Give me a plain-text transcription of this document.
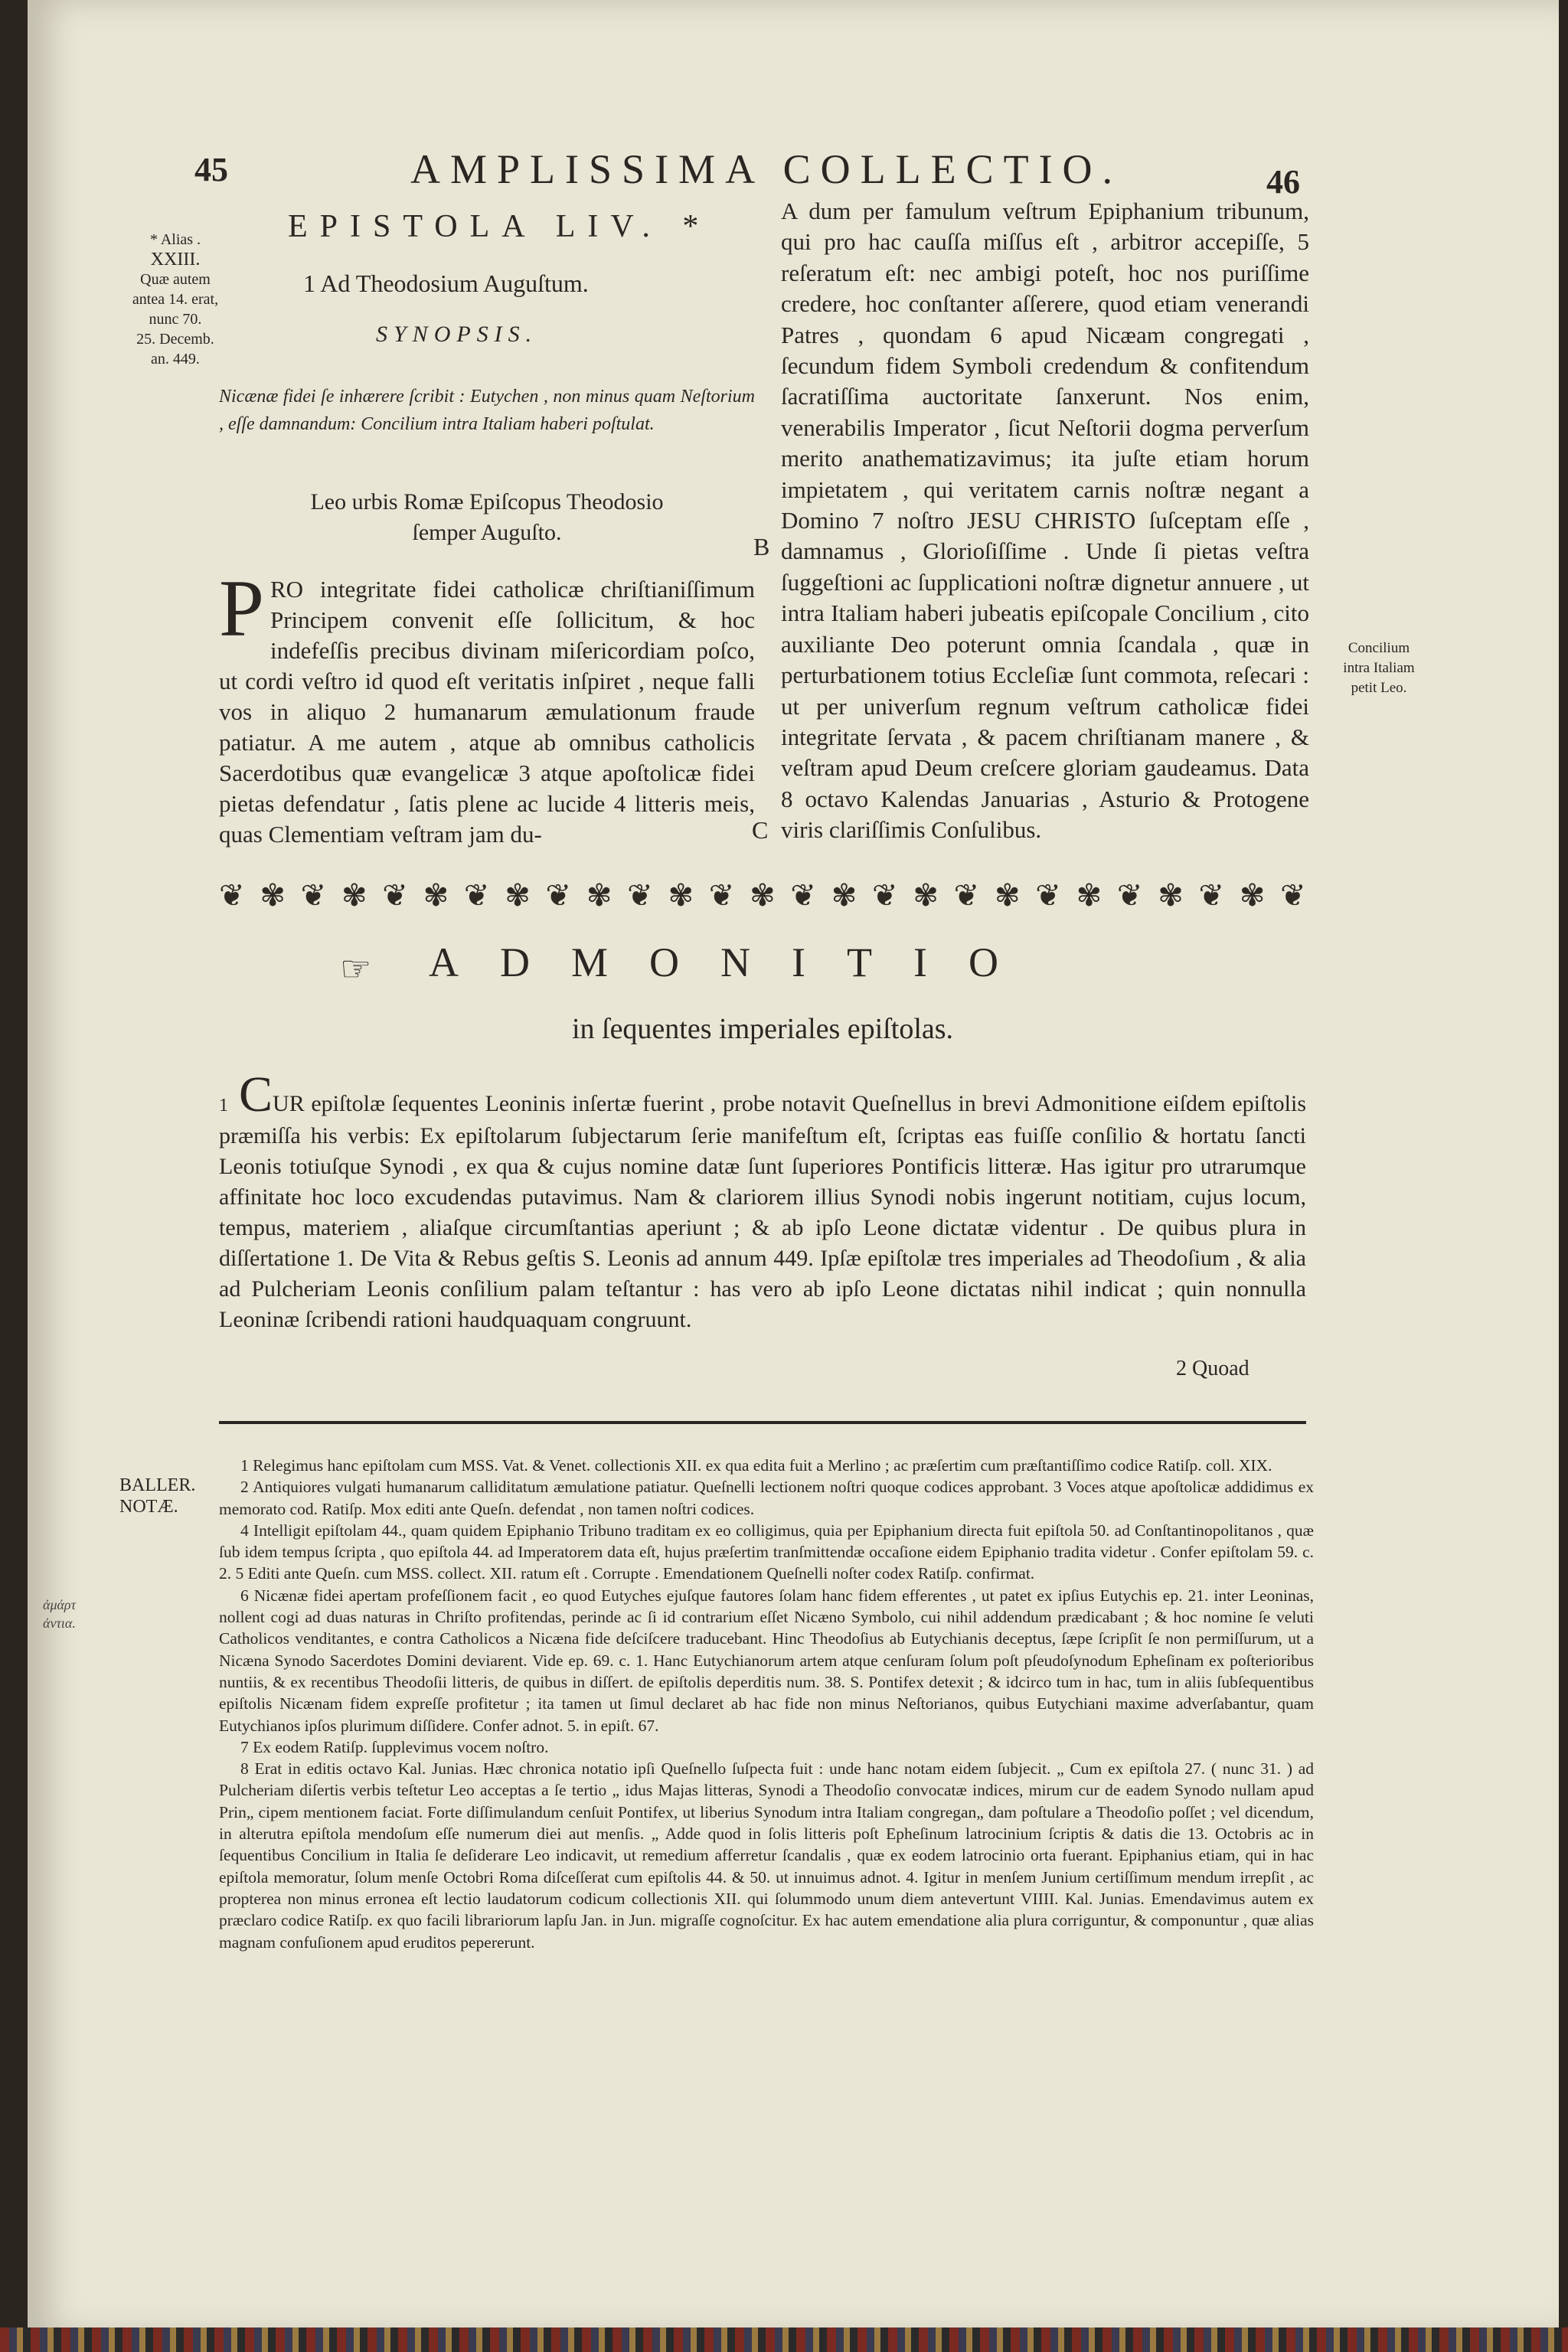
45	AMPLISSIMA COLLECTIO.	46
* Alias .
XXIII.
Quæ autem
antea 14. erat,
nunc 70.
25. Decemb.
an. 449.
EPISTOLA LIV. *
1 Ad Theodosium Auguſtum.
SYNOPSIS.
Nicænæ fidei ſe inhærere ſcribit : Eutychen , non minus quam Neſtorium , eſſe damnandum: Concilium intra Italiam haberi poſtulat.
Leo urbis Romæ Epiſcopus Theodosio
ſemper Auguſto.
PRO integritate fidei catholicæ chriſtianiſſimum Principem convenit eſſe ſollicitum, & hoc indefeſſis precibus divinam miſericordiam poſco, ut cordi veſtro id quod eſt veritatis inſpiret , neque falli vos in aliquo 2 humanarum æmulationum fraude patiatur. A me autem , atque ab omnibus catholicis Sacerdotibus quæ evangelicæ 3 atque apoſtolicæ fidei pietas defendatur , ſatis plene ac lucide 4 litteris meis, quas Clementiam veſtram jam du-
B
C
A dum per famulum veſtrum Epiphanium tribunum, qui pro hac cauſſa miſſus eſt , arbitror accepiſſe, 5 reſeratum eſt: nec ambigi poteſt, hoc nos puriſſime credere, hoc conſtanter aſſerere, quod etiam venerandi Patres , quondam 6 apud Nicæam congregati , ſecundum fidem Symboli credendum & confitendum ſacratiſſima auctoritate ſanxerunt. Nos enim, venerabilis Imperator , ſicut Neſtorii dogma perverſum merito anathematizavimus; ita juſte etiam horum impietatem , qui veritatem carnis noſtræ negant a Domino 7 noſtro JESU CHRISTO ſuſceptam eſſe , damnamus , Glorioſiſſime . Unde ſi pietas veſtra ſuggeſtioni ac ſupplicationi noſtræ dignetur annuere , ut intra Italiam haberi jubeatis epiſcopale Concilium , cito auxiliante Deo poterunt omnia ſcandala , quæ in perturbationem totius Eccleſiæ ſunt commota, reſecari : ut per univerſum regnum veſtrum catholicæ fidei integritate ſervata , & pacem chriſtianam manere , & veſtram apud Deum creſcere gloriam gaudeamus. Data 8 octavo Kalendas Januarias , Asturio & Protogene viris clariſſimis Conſulibus.
Concilium
intra Italiam
petit Leo.
❦ ✾ ❦ ✾ ❦ ✾ ❦ ✾ ❦ ✾ ❦ ✾ ❦ ✾ ❦ ✾ ❦ ✾ ❦ ✾ ❦ ✾ ❦ ✾ ❦ ✾ ❦
☞ ADMONITIO
in ſequentes imperiales epiſtolas.
1 CUR epiſtolæ ſequentes Leoninis inſertæ fuerint , probe notavit Queſnellus in brevi Admonitione eiſdem epiſtolis præmiſſa his verbis: Ex epiſtolarum ſubjectarum ſerie manifeſtum eſt, ſcriptas eas fuiſſe conſilio & hortatu ſancti Leonis totiuſque Synodi , ex qua & cujus nomine datæ ſunt ſuperiores Pontificis litteræ. Has igitur pro utrarumque affinitate hoc loco excudendas putavimus. Nam & clariorem illius Synodi nobis ingerunt notitiam, cujus locum, tempus, materiem , aliaſque circumſtantias aperiunt ; & ab ipſo Leone dictatæ videntur . De quibus plura in diſſertatione 1. De Vita & Rebus geſtis S. Leonis ad annum 449. Ipſæ epiſtolæ tres imperiales ad Theodoſium , & alia ad Pulcheriam Leonis conſilium palam teſtantur : has vero ab ipſo Leone dictatas nihil indicat ; quin nonnulla Leoninæ ſcribendi rationi haudquaquam congruunt.
2 Quoad
BALLER.
NOTÆ.
ἀμάρτ ἀντια.

1 Relegimus hanc epiſtolam cum MSS. Vat. & Venet. collectionis XII. ex qua edita fuit a Merlino ; ac præſertim cum præſtantiſſimo codice Ratiſp. coll. XIX.

2 Antiquiores vulgati humanarum calliditatum æmulatione patiatur. Queſnelli lectionem noſtri quoque codices approbant. 3 Voces atque apoſtolicæ addidimus ex memorato cod. Ratiſp. Mox editi ante Queſn. defendat , non tamen noſtri codices.

4 Intelligit epiſtolam 44., quam quidem Epiphanio Tribuno traditam ex eo colligimus, quia per Epiphanium directa fuit epiſtola 50. ad Conſtantinopolitanos , quæ ſub idem tempus ſcripta , quo epiſtola 44. ad Imperatorem data eſt, hujus præſertim tranſmittendæ occaſione eidem Epiphanio tradita videtur . Confer epiſtolam 59. c. 2. 5 Editi ante Queſn. cum MSS. collect. XII. ratum eſt . Corrupte . Emendationem Queſnelli noſter codex Ratiſp. confirmat.

6 Nicænæ fidei apertam profeſſionem facit , eo quod Eutyches ejuſque fautores ſolam hanc fidem efferentes , ut patet ex ipſius Eutychis ep. 21. inter Leoninas, nollent cogi ad duas naturas in Chriſto profitendas, perinde ac ſi id contrarium eſſet Nicæno Symbolo, cui nihil addendum prædicabant ; & hoc nomine ſe veluti Catholicos venditantes, e contra Catholicos a Nicæna fide deſciſcere traducebant. Hinc Theodoſius ab Eutychianis deceptus, ſæpe ſcripſit ſe non permiſſurum, ut a Nicæna Synodo Sacerdotes Domini deviarent. Vide ep. 69. c. 1. Hanc Eutychianorum artem atque cenſuram ſolum poſt pſeudoſynodum Epheſinam ex poſterioribus nuntiis, & ex recentibus Theodoſii litteris, de quibus in diſſert. de epiſtolis deperditis num. 38. S. Pontifex detexit ; & idcirco tum in hac, tum in aliis ſubſequentibus epiſtolis Nicænam fidem expreſſe profitetur ; ita tamen ut ſimul declaret ab hac fide non minus Neſtorianos, quibus Eutychiani maxime adverſabantur, quam Eutychianos ipſos plurimum diſſidere. Confer adnot. 5. in epiſt. 67.

7 Ex eodem Ratiſp. ſupplevimus vocem noſtro.

8 Erat in editis octavo Kal. Junias. Hæc chronica notatio ipſi Queſnello ſuſpecta fuit : unde hanc notam eidem ſubjecit. „ Cum ex epiſtola 27. ( nunc 31. ) ad Pulcheriam diſertis verbis teſtetur Leo acceptas a ſe tertio „ idus Majas litteras, Synodi a Theodoſio convocatæ indices, mirum cur de eadem Synodo nullam apud Prin„ cipem mentionem faciat. Forte diſſimulandum cenſuit Pontifex, ut liberius Synodum intra Italiam congregan„ dam poſtulare a Theodoſio poſſet ; vel dicendum, in alterutra epiſtola mendoſum eſſe numerum diei aut menſis. „ Adde quod in ſolis litteris poſt Epheſinum latrocinium ſcriptis & datis die 13. Octobris ac in ſequentibus Concilium in Italia ſe deſiderare Leo indicavit, ut remedium afferretur ſcandalis , quæ ex eodem latrocinio orta fuerant. Epiphanius etiam, qui in hac epiſtola memoratur, ſolum menſe Octobri Roma diſceſſerat cum epiſtolis 44. & 50. ut innuimus adnot. 4. Igitur in menſem Junium certiſſimum mendum irrepſit , ac propterea non minus erronea eſt lectio laudatorum codicum collectionis XII. qui ſolummodo unum diem antevertunt VIIII. Kal. Junias. Emendavimus autem ex præclaro codice Ratiſp. ex quo facili librariorum lapſu Jan. in Jun. migraſſe cognoſcitur. Ex hac autem emendatione alia plura corriguntur, & componuntur , quæ alias magnam confuſionem apud eruditos pepererunt.
